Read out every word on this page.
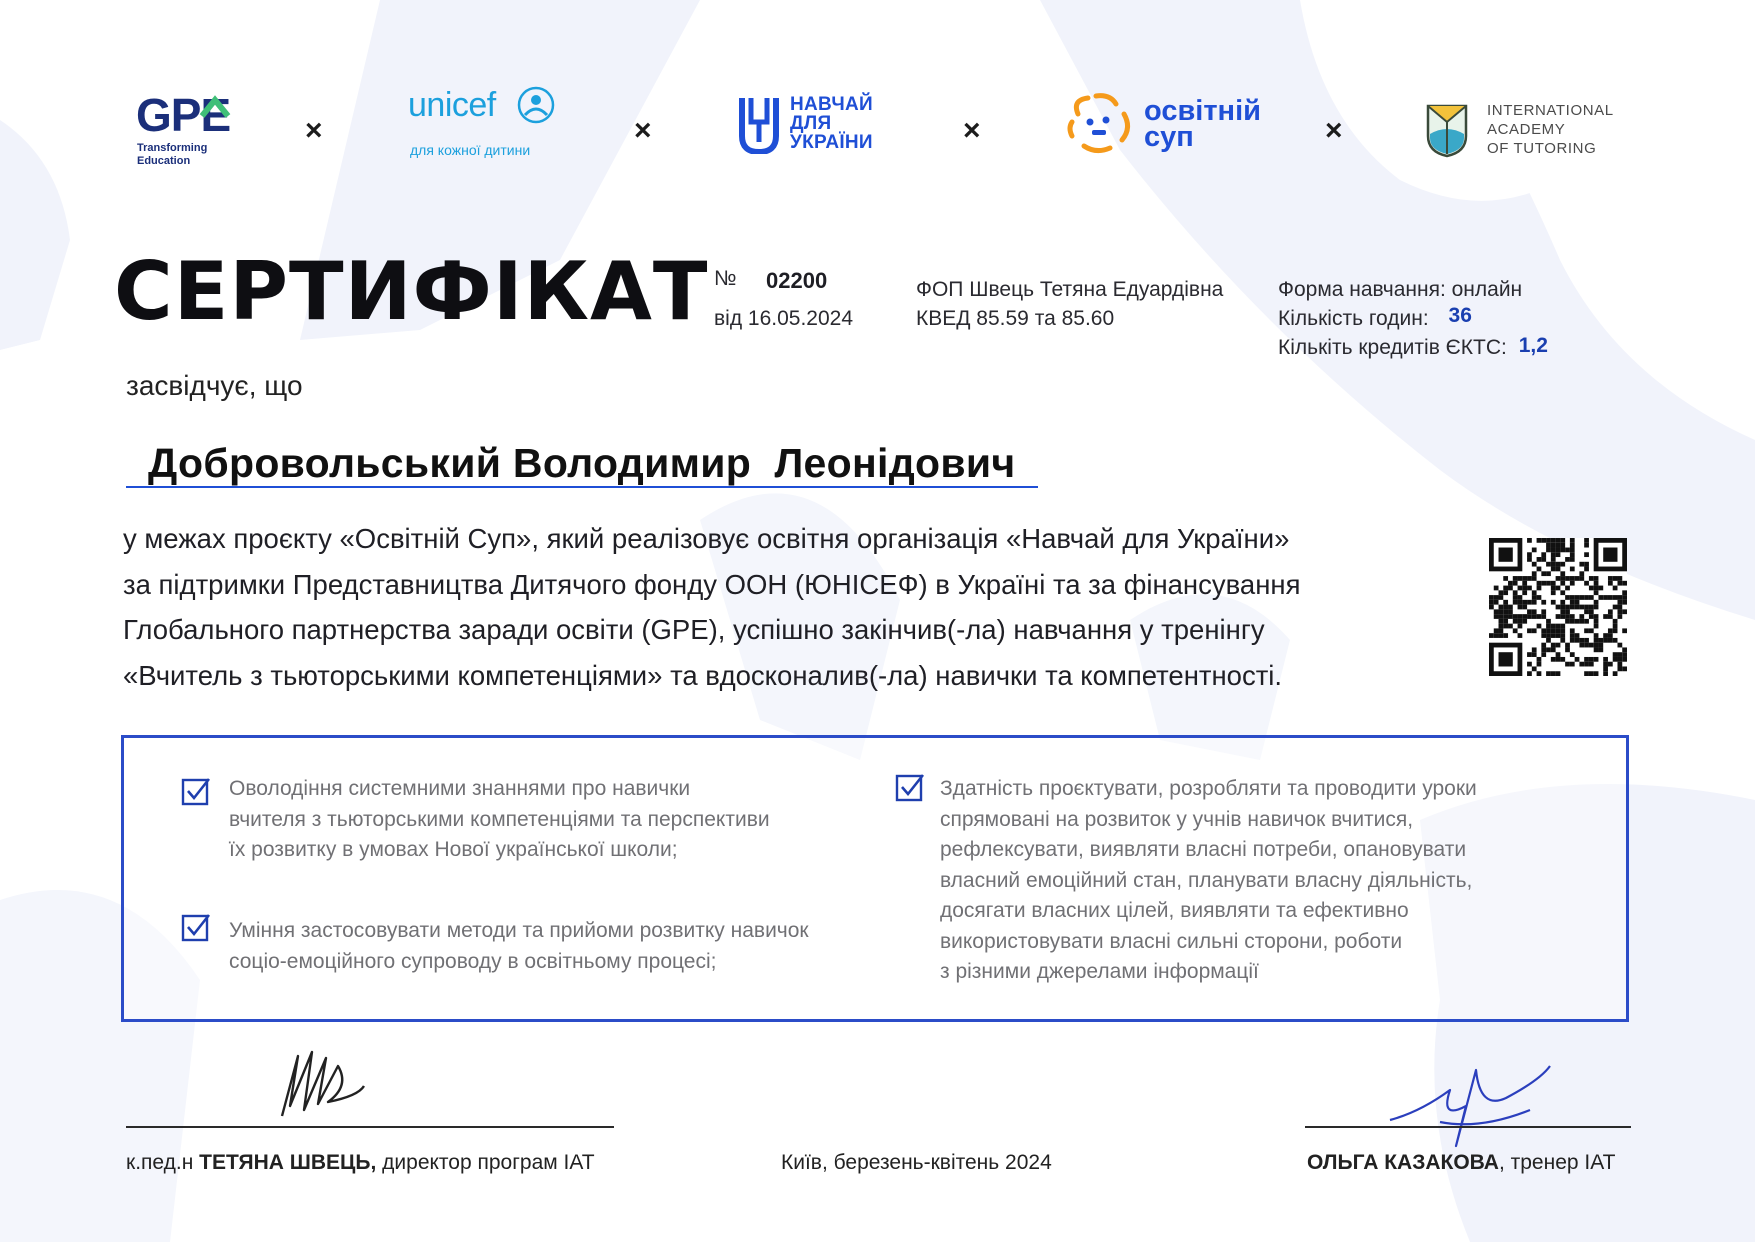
GPE
Transforming
Education
×
unicef
для кожної дитини
×
НАВЧАЙ
ДЛЯ
УКРАЇНИ	×
освітній
суп	×
INTERNATIONAL
ACADEMY
OF TUTORING
СЕРТИФІКАТ № 02200
від 16.05.2024
ФОП Швець Тетяна Едуардівна
КВЕД 85.59 та 85.60
Форма навчання: онлайн
Кількість годин: 36
Кількіть кредитів ЄКТС: 1,2
засвідчує, що
Добровольський Володимир  Леонідович
у межах проєкту «Освітній Суп», який реалізовує освітня організація «Навчай для України»
за підтримки Представництва Дитячого фонду ООН (ЮНІСЕФ) в Україні та за фінансування
Глобального партнерства заради освіти (GPE), успішно закінчив(-ла) навчання у тренінгу
«Вчитель з тьюторськими компетенціями» та вдосконалив(-ла) навички та компетентності.
Оволодіння системними знаннями про навички
вчителя з тьюторськими компетенціями та перспективи
їх розвитку в умовах Нової української школи;
Уміння застосовувати методи та прийоми розвитку навичок
соціо-емоційного супроводу в освітньому процесі;
Здатність проєктувати, розробляти та проводити уроки
спрямовані на розвиток у учнів навичок вчитися,
рефлексувати, виявляти власні потреби, опановувати
власний емоційний стан, планувати власну діяльність,
досягати власних цілей, виявляти та ефективно
використовувати власні сильні сторони, роботи
з різними джерелами інформації
к.пед.н ТЕТЯНА ШВЕЦЬ, директор програм ІАТ	Київ, березень-квітень 2024	ОЛЬГА КАЗАКОВА, тренер ІАТ
